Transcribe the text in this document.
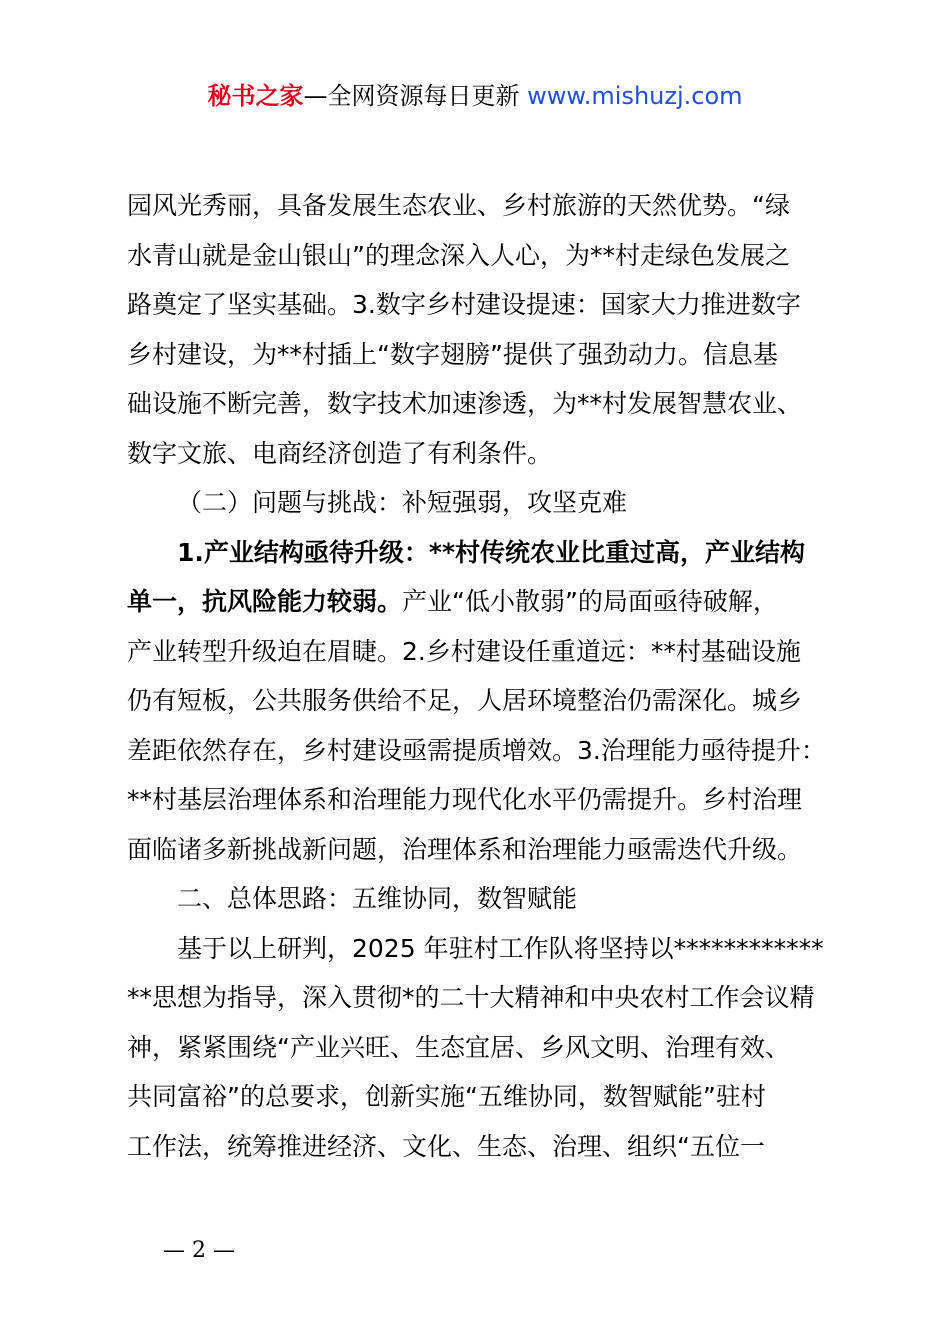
秘书之家—全网资源每日更新 www.mishuzj.com
园风光秀丽，具备发展生态农业、乡村旅游的天然优势。“绿
水青山就是金山银山”的理念深入人心，为**村走绿色发展之
路奠定了坚实基础。3.数字乡村建设提速：国家大力推进数字
乡村建设，为**村插上“数字翅膀”提供了强劲动力。信息基
础设施不断完善，数字技术加速渗透，为**村发展智慧农业、
数字文旅、电商经济创造了有利条件。
（二）问题与挑战：补短强弱，攻坚克难
1.产业结构亟待升级：**村传统农业比重过高，产业结构
单一，抗风险能力较弱。产业“低小散弱”的局面亟待破解，
产业转型升级迫在眉睫。2.乡村建设任重道远：**村基础设施
仍有短板，公共服务供给不足，人居环境整治仍需深化。城乡
差距依然存在，乡村建设亟需提质增效。3.治理能力亟待提升：
**村基层治理体系和治理能力现代化水平仍需提升。乡村治理
面临诸多新挑战新问题，治理体系和治理能力亟需迭代升级。
二、总体思路：五维协同，数智赋能
基于以上研判，2025 年驻村工作队将坚持以************
**思想为指导，深入贯彻*的二十大精神和中央农村工作会议精
神，紧紧围绕“产业兴旺、生态宜居、乡风文明、治理有效、
共同富裕”的总要求，创新实施“五维协同，数智赋能”驻村
工作法，统筹推进经济、文化、生态、治理、组织“五位一
— 2 —
